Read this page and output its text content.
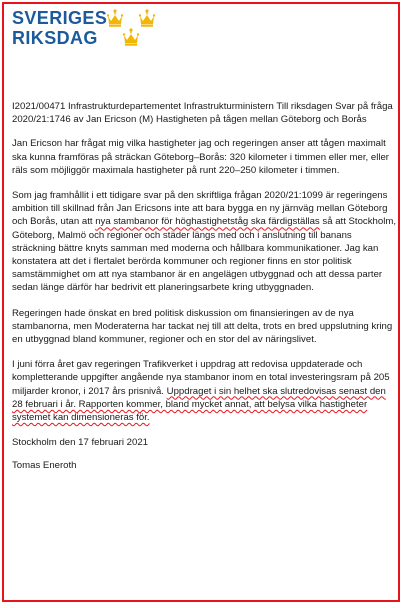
SVERIGES
RIKSDAG

I2021/00471 Infrastrukturdepartementet Infrastrukturministern Till riksdagen Svar på fråga 2020/21:1746 av Jan Ericson (M) Hastigheten på tågen mellan Göteborg och Borås

Jan Ericson har frågat mig vilka hastigheter jag och regeringen anser att tågen maximalt ska kunna framföras på sträckan Göteborg–Borås: 320 kilometer i timmen eller mer, eller räls som möjliggör maximala hastigheter på runt 220–250 kilometer i timmen.

Som jag framhållit i ett tidigare svar på den skriftliga frågan 2020/21:1099 är regeringens ambition till skillnad från Jan Ericsons inte att bara bygga en ny järnväg mellan Göteborg och Borås, utan att nya stambanor för höghastighetståg ska färdigställas så att Stockholm, Göteborg, Malmö och regioner och städer längs med och i anslutning till banans sträckning bättre knyts samman med moderna och hållbara kommunikationer. Jag kan konstatera att det i flertalet berörda kommuner och regioner finns en stor politisk samstämmighet om att nya stambanor är en angelägen utbyggnad och att dessa parter sedan länge därför har bedrivit ett planeringsarbete kring utbyggnaden.

Regeringen hade önskat en bred politisk diskussion om finansieringen av de nya stambanorna, men Moderaterna har tackat nej till att delta, trots en bred uppslutning kring en utbyggnad bland kommuner, regioner och en stor del av näringslivet.

I juni förra året gav regeringen Trafikverket i uppdrag att redovisa uppdaterade och kompletterande uppgifter angående nya stambanor inom en total investeringsram på 205 miljarder kronor, i 2017 års prisnivå. Uppdraget i sin helhet ska slutredovisas senast den 28 februari i år. Rapporten kommer, bland mycket annat, att belysa vilka hastigheter systemet kan dimensioneras för.

Stockholm den 17 februari 2021

Tomas Eneroth
